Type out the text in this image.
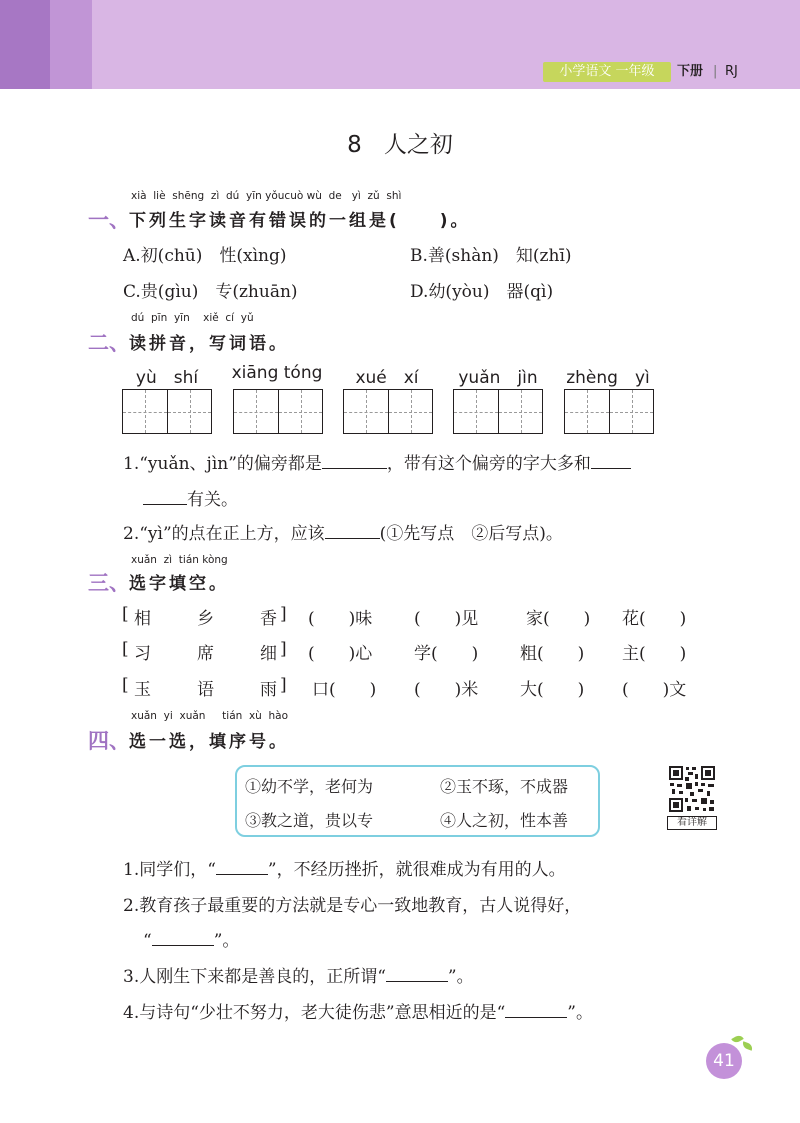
小学语文 一年级	下册 | RJ
8 人之初
xià liè shēng zì dú yīn yǒucuò wù de yì zǔ shì
一、 下列生字读音有错误的一组是(　　)。
A.初(chū)　性(xìng)	B.善(shàn)　知(zhī)
C.贵(gìu)　专(zhuān)	D.幼(yòu)　器(qì)
dú pīn yīn xiě cí yǔ
二、 读拼音，写词语。
yù　shí	xiāng tóng	xué　xí	yuǎn　jìn	zhèng　yì
1.“yuǎn、jìn”的偏旁都是	，带有这个偏旁的字大多和
有关。
2.“yì”的点在正上方，应该	(①先写点　②后写点)。
xuǎn zì tián kòng
三、 选字填空。
[ 相	乡	香 ] (　　)味 (　　)见	家(　　) 花(　　)
[ 习	席	细 ] (　　)心 学(　　) 粗(　　) 主(　　)
[ 玉	语	雨 ] 口(　　) (　　)米 大(　　) (　　)文
xuǎn yi xuǎn tián xù hào
四、 选一选，填序号。
①幼不学，老何为	②玉不琢，不成器
③教之道，贵以专	④人之初，性本善	看详解
1.同学们，“	”，不经历挫折，就很难成为有用的人。
2.教育孩子最重要的方法就是专心一致地教育，古人说得好，
“	”。
3.人刚生下来都是善良的，正所谓“	”。
4.与诗句“少壮不努力，老大徒伤悲”意思相近的是“	”。
41
